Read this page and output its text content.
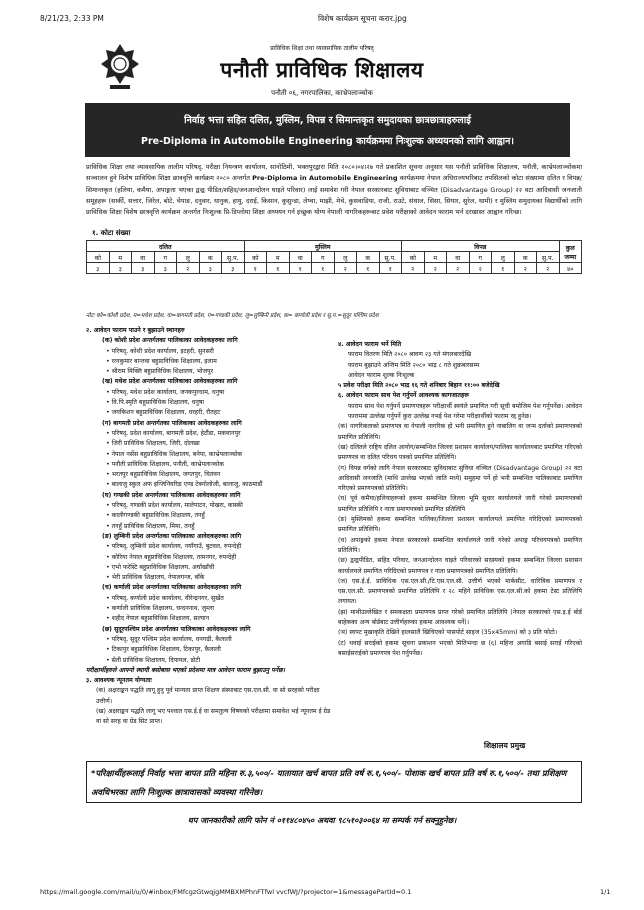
8/21/23, 2:33 PM	विशेष कार्यक्रम सूचना करार.jpg
प्राविधिक शिक्षा तथा व्यावसायिक तालीम परिषद्
पनौती प्राविधिक शिक्षालय
पनौती ०६, नगरपालिका, काभ्रेपलाञ्चोक
निर्वाह भत्ता सहित दलित, मुस्लिम, विपन्न र सिमान्तकृत समुदायका छात्रछात्राहरुलाई
Pre-Diploma in Automobile Engineering कार्यक्रममा निःशुल्क अध्ययनको लागि आह्वान।
प्राविधिक शिक्षा तथा व्यावसायिक तालीम परिषद्, परीक्षा नियन्त्रण कार्यालय, सानोठिमी, भक्तपुरद्वारा मिति २०८०।०४।२७ गते प्रकाशित सूचना अनुसार यस पनौती प्राविधिक शिक्षालय, पनौती, काभ्रेपलाञ्चोकमा सञ्चालन हुने विशेष प्राविधिक शिक्षा छात्रवृत्ति कार्यक्रम २०८० अन्तर्गत Pre-Diploma in Automobile Engineering कार्यक्रममा नेपाल अधिराज्यभरिबाट तपसिलको कोटा संख्यामा दलित र विपन्न/सिमान्तकृत (हलिया, कमैया, अपाङ्गता भएका द्वन्द्व पीडित/शहिद/जनआन्दोलन घाइते परिवार) लाई समावेश गरी नेपाल सरकारबाट सुविधाबाट वञ्चित (Disadvantage Group) २२ वटा आदिवासी जनजाती समूहहरू (सार्की, सत्तार, जिरेल, बोटे, चेपाङ, दनुवार, धानुक, हायु, दराई, किसान, कुसुन्डा, लेप्चा, माझी, मेचे, कुसवाडिया, राजी, राउटे, संथाल, सिसा, सियार, सुरेल, थामी) र मुस्लिम समुदायका विद्यार्थीको लागि प्राविधिक शिक्षा विशेष छात्रवृत्ति कार्यक्रम अन्तर्गत निःशुल्क प्रि-डिप्लोमा शिक्षा अध्ययन गर्न इच्छुक योग्य नेपाली नागरिकहरूबाट प्रवेश परीक्षाको आवेदन फाराम भर्न दरखास्त आह्वान गरिन्छ।
१. कोटा संख्या
दलित							मुस्लिम							विपन्न							कुल जम्मा
को	म	वा	ग	लु	क	सु.प.	को	म	वा	ग	लु	क	सु.प.	को	म	वा	ग	लु	क	सु.प.	
३	३	३	३	२	३	३	१	१	१	१	२	१	१	२	२	२	२	१	२	२	४०
नोटः को=कोशी प्रदेश, म=मधेश प्रदेश, वा=बागमती प्रदेश, ग=गण्डकी प्रदेश, लु=लुम्बिनी प्रदेश, क= कर्णाली प्रदेश र सु.प.=सुदूर पश्चिम प्रदेश
२. आवेदन फाराम पाउने र बुझाउने स्थानहरु
(क) कोशी प्रदेश अन्तर्गतका पालिकाका आवेदकहरुका लागि
• परिषद्, कोशी प्रदेश कार्यालय, इटहरी, सुनसरी
• रत्नकुमार बान्तवा बहुप्राविधिक शिक्षालय, इलाम
• श्रीराम मिक्लि बहुप्राविधिक शिक्षालय, भोजपुर
(ख) मधेश प्रदेश अन्तर्गतका पालिकाका आवेदकहरुका लागि
• परिषद्, मधेश प्रदेश कार्यालय, जनकपुरधाम, धनुषा
• वि.पि.स्मृति बहुप्राविधिक शिक्षालय, धनुषा
• जयकिशन बहुप्राविधिक शिक्षालय, धरहरी, रौतहट
(ग) बागमती प्रदेश अन्तर्गतका पालिकाका आवेदकहरुका लागि
• परिषद्, प्रदेश कार्यालय, बागमती प्रदेश, हेटौंडा, मकवानपुर
• जिरी प्राविधिक शिक्षालय, जिरी, दोलखा
• नेपाल नर्सेस बहुप्राविधिक शिक्षालय, बनेपा, काभ्रेपलाञ्चोक
• पनौती प्राविधिक शिक्षालय, पनौती, काभ्रेपलाञ्चोक
• भरतपुर बहुप्राविधिक शिक्षालय, जगतपुर, चितवन
• बालाजु स्कुल अफ इन्जिनियरिङ एण्ड टेक्नोलोजी, बालाजु, काठमाडौं
(घ) गण्डकी प्रदेश अन्तर्गतका पालिकाका आवेदकहरुका लागि
• परिषद्, गण्डकी प्रदेश कार्यालय, मालेपाटन, पोखरा, कास्की
• कालीगण्डकी बहुप्राविधिक शिक्षालय, तनहुँ
• तनहुँ प्राविधिक शिक्षालय, मिमा, तनहुँ
(ङ) लुम्बिनी प्रदेश अन्तर्गतका पालिकाका आवेदकहरुका लागि
• परिषद्, लुम्बिनी प्रदेश कार्यालय, नयाँगाउँ, बुटवल, रुपन्देही
• कोरिया नेपाल बहुप्राविधिक शिक्षालय, तामनगर, रुपन्देही
• एभो फरेस्टि बहुप्राविधिक शिक्षालय, अर्घाखाँची
• भेरी प्राविधिक शिक्षालय, नेपालगन्ज, बाँके
(च) कर्णाली प्रदेश अन्तर्गतका पालिकाका आवेदकहरुका लागि
• परिषद्, कर्णाली प्रदेश कार्यालय, वीरेन्द्रनगर, सुर्खेत
• कर्णाली प्राविधिक शिक्षालय, चन्दननाथ, जुम्ला
• शहीद नेपाल बहुप्राविधिक शिक्षालय, सल्यान
(छ) सुदूरपश्चिम प्रदेश अन्तर्गतका पालिकाका आवेदकहरुका लागि
• परिषद्, सुदूर पश्चिम प्रदेश कार्यालय, धनगढी, कैलाली
• टिकापुर बहुप्राविधिक शिक्षालय, टिकापुर, कैलाली
• सेती प्राविधिक शिक्षालय, दिपायल, डोटी
परीक्षार्थीहरुले आफ्नो स्थायी बसोबास भएको प्रदेशमा मात्र आवेदन फाराम बुझाउनु पर्नेछ।
३. आवश्यक न्यूनतम योग्यताः
(क) अक्षराङ्कन पद्धति लागू हुनु पूर्व मान्यता प्राप्त शिक्षण संस्थाबाट एस.एल.सी. वा सो सरहको परीक्षा उत्तीर्ण।
(ख) अक्षराङ्कन पद्धति लागू भए पश्चात एस.ई.ई वा समतुल्य विषयको परीक्षामा समावेश भई न्यूनतम ई ग्रेड वा सो सरह वा ग्रेड सिट प्राप्त।
४. आवेदन फाराम भर्ने मिति
फाराम वितरण मिति २०८० श्रावण २३ गते मंगलबारदेखि
फाराम बुझाउने अन्तिम मिति २०८० भाद्र ८ गते शुक्रबारसम्म
आवेदन फाराम शुल्क निःशुल्क
५ प्रवेश परीक्षा मिति २०८० भाद्र १६ गते शनिबार बिहान ११:०० बजेदेखि
६. आवेदन फाराम साथ पेश गर्नुपर्ने आवश्यक कागजातहरू
फाराम साथ पेश गर्नुपर्ने प्रमाणपत्रहरू परीक्षार्थी स्वयंले प्रमाणित गरी सूची बमोजिम पेश गर्नुपर्नेछ। आवेदन फाराममा उल्लेख गर्नुपर्ने कुरा उल्लेख नभई पेश गरेमा परीक्षार्थीको फाराम रद्द हुनेछ।
(क) नागरिकताको प्रमाणपत्र वा नेपाली नागरिक हो भनी प्रमाणित हुने नाबालिग वा जन्म दर्ताको प्रमाणपत्रको प्रमाणित प्रतिलिपि।
(ख) दलितले राष्ट्रिय दलित आयोग/सम्बन्धित जिल्ला प्रशासन कार्यालय/पालिका कार्यालयबाट प्रमाणित गरिएको प्रमाणपत्र वा दलित परिचय पत्रको प्रमाणित प्रतिलिपि।
(ग) विपन्न वर्गको लागि नेपाल सरकारबाट सुविधाबाट सुविधा वञ्चित (Disadvantage Group) २२ वटा आदिवासी जनजाति (माथि उल्लेख भएको जाति मध्ये) समुहमा पर्ने हो भनी सम्बन्धित पालिकाबाट प्रमाणित गरिएको प्रमाणपत्रको प्रतिलिपि।
(घ) पूर्व कमैया/हलियाहरूको हकमा सम्बन्धित जिल्ला भूमि सुधार कार्यालयले जारी गरेको प्रमाणपत्रको प्रमाणित प्रतिलिपि र नाता प्रमाणपत्रको प्रमाणित प्रतिलिपि
(ङ) मुस्लिमको हकमा सम्बन्धित पालिका/जिल्ला प्रशासन कार्यालयले प्रमाणित गरिदिएको प्रमाणपत्रको प्रमाणित प्रतिलिपि।
(च) अपाङ्गको हकमा नेपाल सरकारको सम्बन्धित कार्यालयले जारी गरेको अपाङ्ग परिचयपत्रको प्रमाणित प्रतिलिपि।
(छ) द्वन्द्वपीडित, सहिद परिवार, जनआन्दोलन घाइते परिवारको सदस्यको हकमा सम्बन्धित जिल्ला प्रशासन कार्यालयले प्रमाणित गरिदिएको प्रमाणपत्र र नाता प्रमाणपत्रको प्रमाणित प्रतिलिपि।
(ज) एस.ई.ई. प्राविधिक एस.एल.सी./टि.एस.एल.सी. उत्तीर्ण भएको मार्कसीट, चारित्रिक प्रमाणपत्र र एस.एल.सी. प्रमाणपत्रको प्रमाणित प्रतिलिपि र २८ महिने प्राविधिक एस.एल.सी.को हकमा टेस्ट प्रतिलिपि लगायत।
(झ) माथीउल्लेखित र समकक्षता प्रमाणपत्र प्राप्त गरेको प्रमाणित प्रतिलिपि (नेपाल सरकारको एस.इ.ई बोर्ड बाहेकका अन्य बोर्डबाट उत्तीर्णहरुका हकमा आवश्यक पर्ने)।
(ञ) स्वपट मुखाकृति देखिने हालसालै खिचिएको पासपोर्ट साइज (35x45mm) को ३ प्रति फोटो।
(ट) थवाई सराईको हकमा सूचना प्रकाशन भएको मितिभन्दा छ (६) महिना अगाडि बसाई सराई गरिएको बसाईसराईको प्रमाणपत्र पेश गर्नुपर्नेछ।
शिक्षालय प्रमुख
*परिक्षार्थीहरूलाई निर्वाह भत्ता बापत प्रति महिना रु.३,५००/- यातायात खर्च बापत प्रति वर्ष रु.१,५००/- पोशाक खर्च बापत प्रति वर्ष रु.१,५००/- तथा प्रशिक्षण अवधिभरका लागि निःशुल्क छात्रावासको व्यवस्था गरिनेछ।
थप जानकारीको लागि फोन नं ०११४८०४५० अथवा ९८५१०३००६४ मा सम्पर्क गर्न सक्नुहुनेछ।
https://mail.google.com/mail/u/0/#inbox/FMfcgzGtwqjgMMBXMPhnFTfwl vvcfWJ/?projector=1&messagePartId=0.1	1/1
